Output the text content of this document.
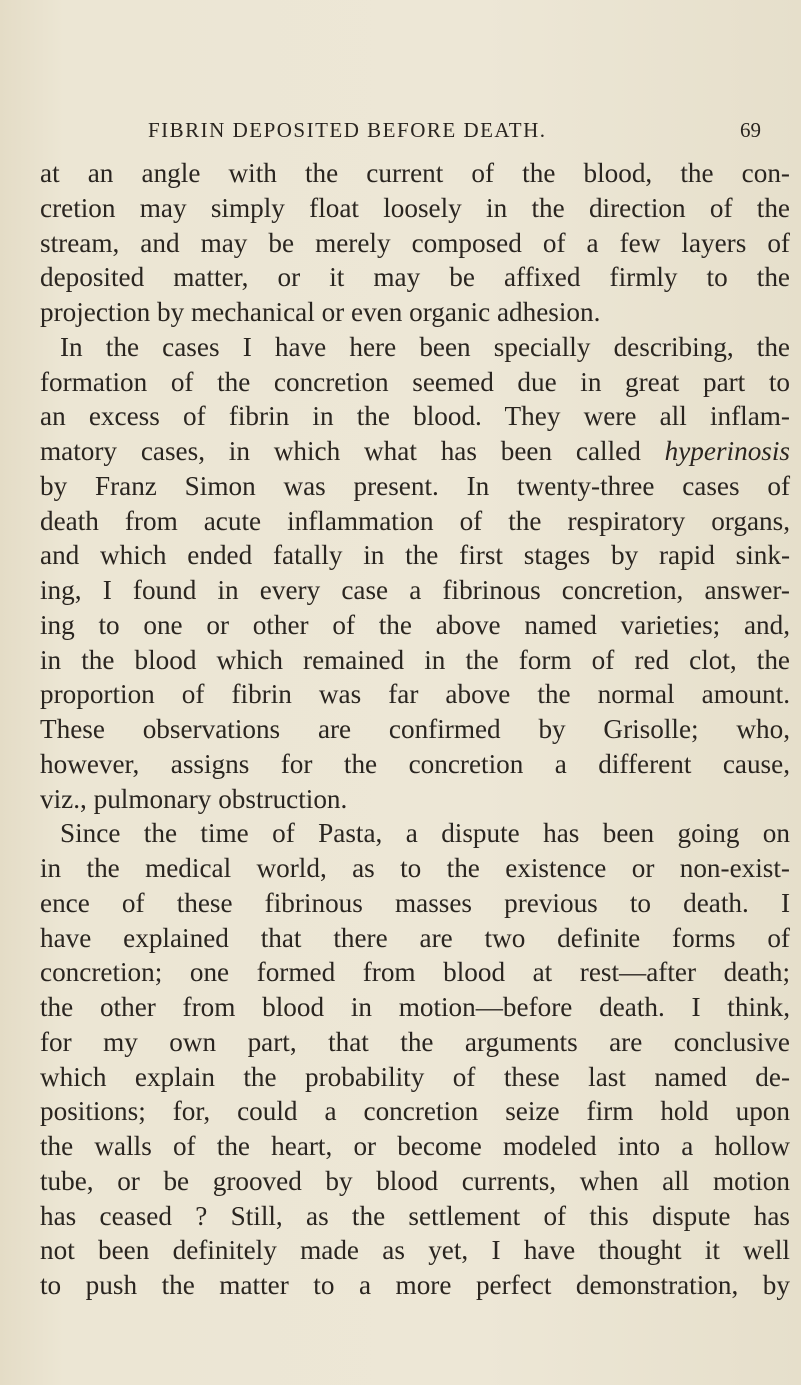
FIBRIN DEPOSITED BEFORE DEATH.	69
at an angle with the current of the blood, the con-
cretion may simply float loosely in the direction of the
stream, and may be merely composed of a few layers of
deposited matter, or it may be affixed firmly to the
projection by mechanical or even organic adhesion.
In the cases I have here been specially describing, the
formation of the concretion seemed due in great part to
an excess of fibrin in the blood. They were all inflam-
matory cases, in which what has been called hyperinosis
by Franz Simon was present. In twenty-three cases of
death from acute inflammation of the respiratory organs,
and which ended fatally in the first stages by rapid sink-
ing, I found in every case a fibrinous concretion, answer-
ing to one or other of the above named varieties; and,
in the blood which remained in the form of red clot, the
proportion of fibrin was far above the normal amount.
These observations are confirmed by Grisolle; who,
however, assigns for the concretion a different cause,
viz., pulmonary obstruction.
Since the time of Pasta, a dispute has been going on
in the medical world, as to the existence or non-exist-
ence of these fibrinous masses previous to death. I
have explained that there are two definite forms of
concretion; one formed from blood at rest—after death;
the other from blood in motion—before death. I think,
for my own part, that the arguments are conclusive
which explain the probability of these last named de-
positions; for, could a concretion seize firm hold upon
the walls of the heart, or become modeled into a hollow
tube, or be grooved by blood currents, when all motion
has ceased ? Still, as the settlement of this dispute has
not been definitely made as yet, I have thought it well
to push the matter to a more perfect demonstration, by
